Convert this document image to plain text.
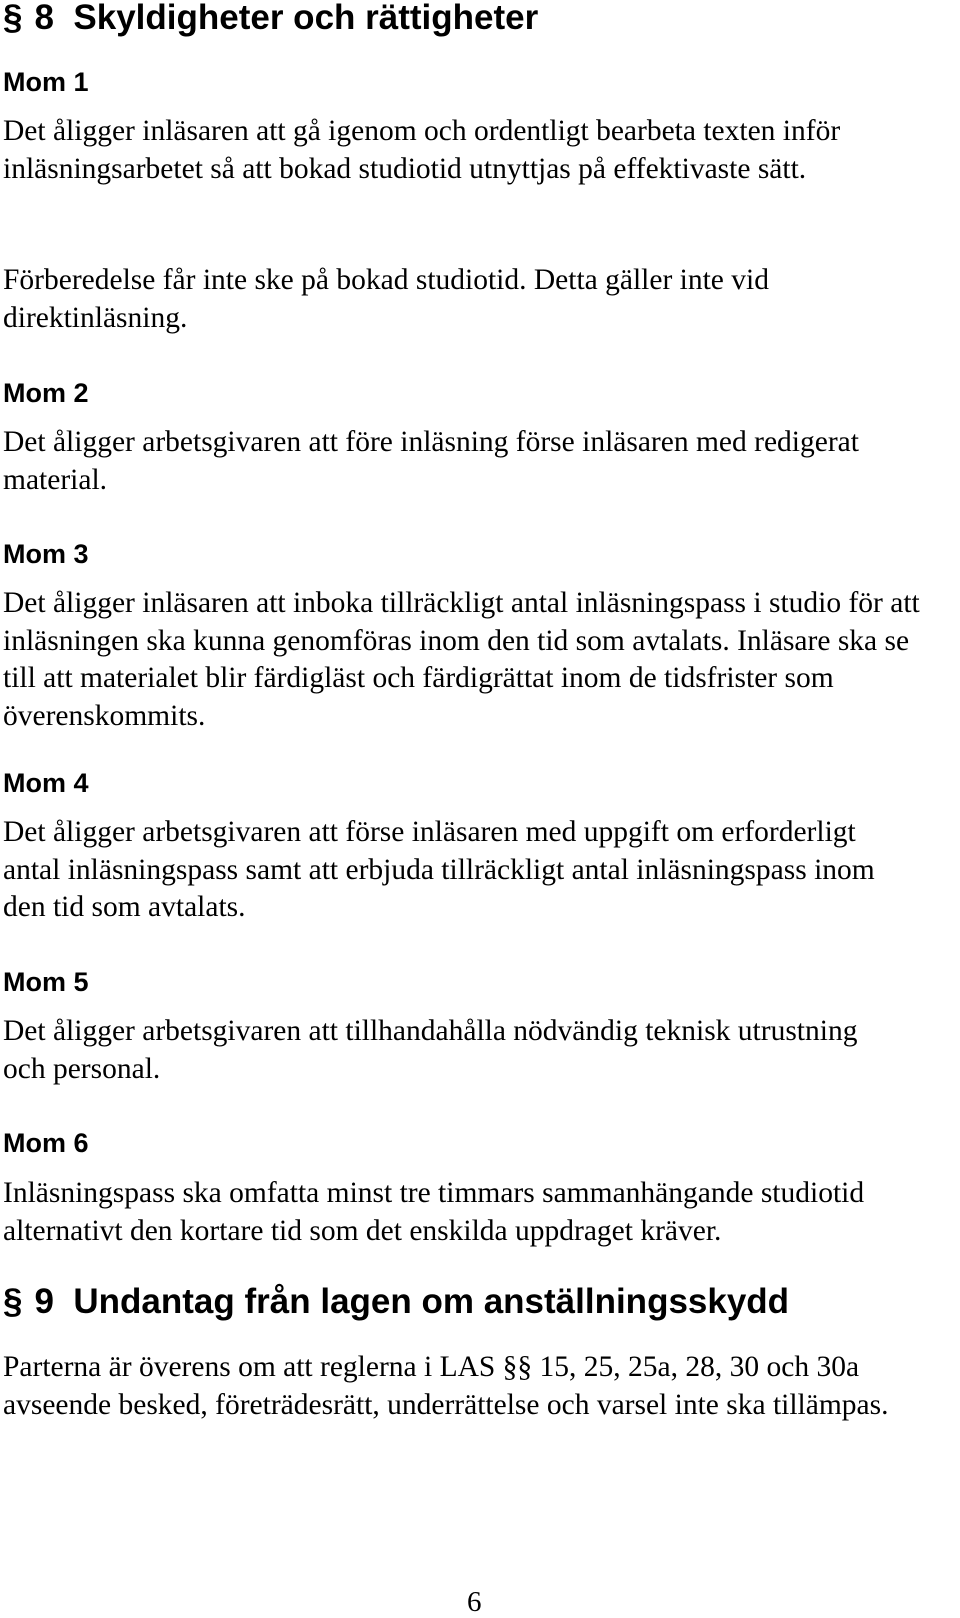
§ 8 Skyldigheter och rättigheter
Mom 1

Det åligger inläsaren att gå igenom och ordentligt bearbeta texten inför inläsningsarbetet så att bokad studiotid utnyttjas på effektivaste sätt.

Förberedelse får inte ske på bokad studiotid. Detta gäller inte vid direktinläsning.

Mom 2

Det åligger arbetsgivaren att före inläsning förse inläsaren med redigerat material.

Mom 3

Det åligger inläsaren att inboka tillräckligt antal inläsningspass i studio för att inläsningen ska kunna genomföras inom den tid som avtalats. Inläsare ska se till att materialet blir färdigläst och färdigrättat inom de tidsfrister som överenskommits.

Mom 4

Det åligger arbetsgivaren att förse inläsaren med uppgift om erforderligt antal inläsningspass samt att erbjuda tillräckligt antal inläsningspass inom den tid som avtalats.

Mom 5

Det åligger arbetsgivaren att tillhandahålla nödvändig teknisk utrustning och personal.

Mom 6

Inläsningspass ska omfatta minst tre timmars sammanhängande studiotid alternativt den kortare tid som det enskilda uppdraget kräver.

§ 9 Undantag från lagen om anställningsskydd

Parterna är överens om att reglerna i LAS §§ 15, 25, 25a, 28, 30 och 30a avseende besked, företrädesrätt, underrättelse och varsel inte ska tillämpas.

6
